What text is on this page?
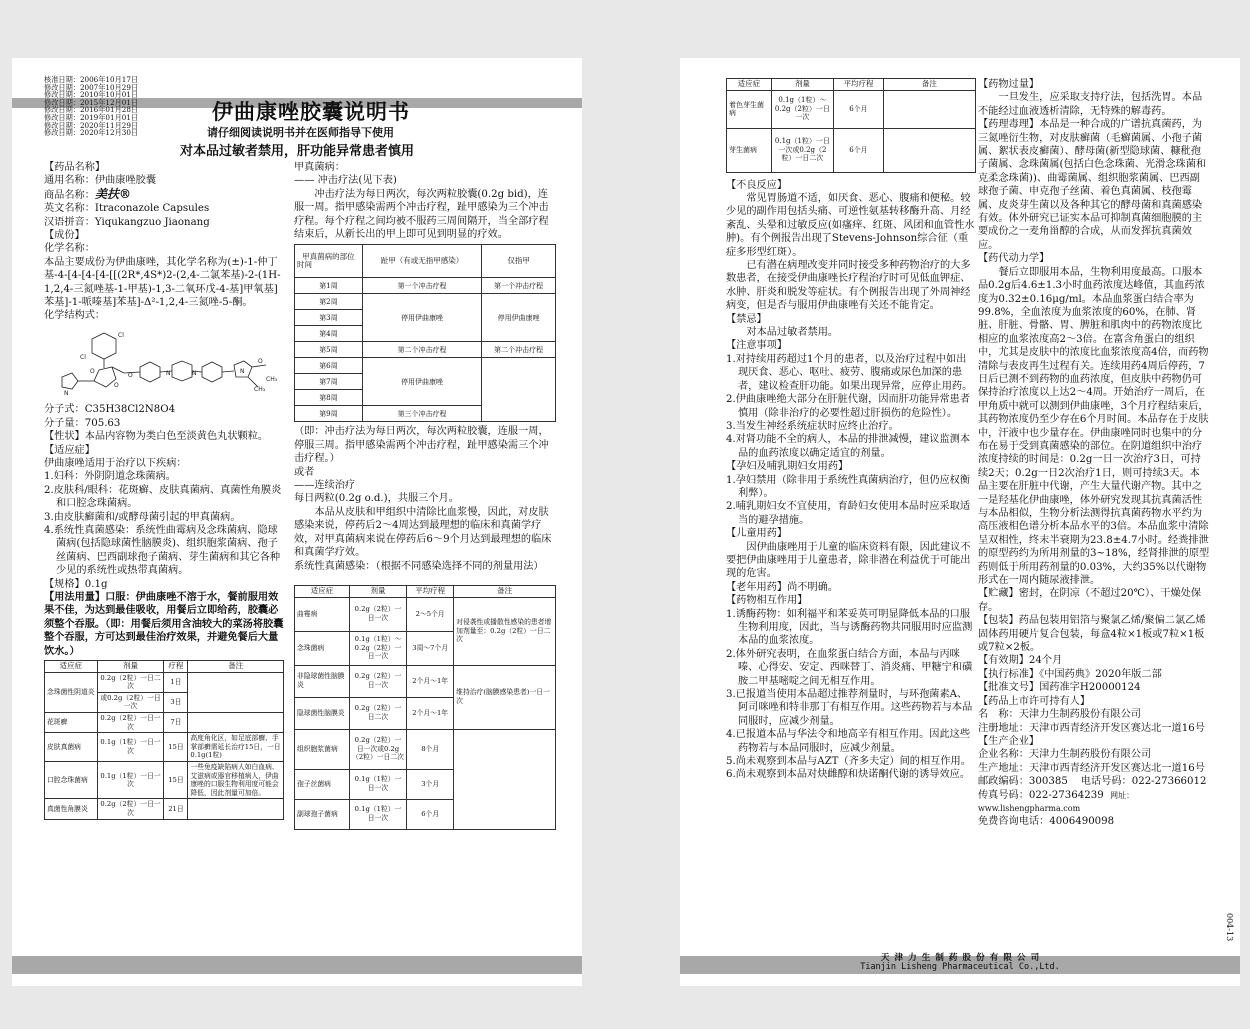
核准日期：2006年10月17日
修改日期：2007年10月29日
修改日期：2010年10月01日
修改日期：2015年12月01日
修改日期：2016年01月28日
修改日期：2019年01月01日
修改日期：2020年11月29日
修改日期：2020年12月30日
伊曲康唑胶囊说明书
请仔细阅读说明书并在医师指导下使用
对本品过敏者禁用，肝功能异常患者慎用

【药品名称】

通用名称：伊曲康唑胶囊

商品名称：美扶®

英文名称：Itraconazole Capsules

汉语拼音：Yiqukangzuo Jiaonang

【成份】

化学名称：

本品主要成份为伊曲康唑，其化学名称为(±)-1-仲丁基-4-[4-[4-[4-[[(2R*,4S*)2-(2,4-二氯苯基)-2-(1H-1,2,4-三氮唑基-1-甲基)-1,3-二氧环戊-4-基]甲氧基]苯基]-1-哌嗪基]苯基]-Δ²-1,2,4-三氮唑-5-酮。

化学结构式：

Cl
Cl
O
O
N
O	N	N	N
O
CH₃
CH₃

分子式：C35H38Cl2N8O4

分子量：705.63

【性状】本品内容物为类白色至淡黄色丸状颗粒。

【适应症】

伊曲康唑适用于治疗以下疾病：

1.妇科：外阴阴道念珠菌病。

2.皮肤科/眼科：花斑癣、皮肤真菌病、真菌性角膜炎和口腔念珠菌病。

3.由皮肤癣菌和/或酵母菌引起的甲真菌病。

4.系统性真菌感染：系统性曲霉病及念珠菌病、隐球菌病(包括隐球菌性脑膜炎)、组织胞浆菌病、孢子丝菌病、巴西副球孢子菌病、芽生菌病和其它各种少见的系统性或热带真菌病。

【规格】0.1g

【用法用量】口服：伊曲康唑不溶于水，餐前服用效果不佳，为达到最佳吸收，用餐后立即给药，胶囊必须整个吞服。（即：用餐后须用含油较大的菜汤将胶囊整个吞服，方可达到最佳治疗效果，并避免餐后大量饮水。）

适应症	剂量	疗程	备注
念珠菌性阴道炎	0.2g（2粒）一日二次	1日	
	或0.2g（2粒）一日一次	3日	
花斑癣	0.2g（2粒）一日一次	7日	
皮肤真菌病	0.1g（1粒）一日一次	15日	高度角化区，如足底部癣、手掌部癣需延长治疗15日，一日0.1g(1粒)
口腔念珠菌病	0.1g（1粒）一日一次	15日	一些免疫缺陷病人如白血病、艾滋病或器官移植病人，伊曲康唑的口服生物利用度可能会降低，因此剂量可加倍。
真菌性角膜炎	0.2g（2粒）一日一次	21日	

甲真菌病：

—— 冲击疗法(见下表)

冲击疗法为每日两次，每次两粒胶囊(0.2g bid)，连服一周。指甲感染需两个冲击疗程，趾甲感染为三个冲击疗程。每个疗程之间均被不服药三周间隔开，当全部疗程结束后，从新长出的甲上即可见到明显的疗效。

甲真菌病的部位
时间	趾甲（有或无指甲感染）	仅指甲
第1周	第一个冲击疗程	第一个冲击疗程
第2周	停用伊曲康唑	停用伊曲康唑
第3周		
第4周		
第5周	第二个冲击疗程	第二个冲击疗程
第6周	停用伊曲康唑	
第7周		
第8周		
第9周	第三个冲击疗程	

（即：冲击疗法为每日两次，每次两粒胶囊，连服一周，停服三周。指甲感染需两个冲击疗程，趾甲感染需三个冲击疗程。）

或者

——连续治疗

每日两粒(0.2g o.d.)，共服三个月。

本品从皮肤和甲组织中清除比血浆慢，因此，对皮肤感染来说，停药后2～4周达到最理想的临床和真菌学疗效，对甲真菌病来说在停药后6～9个月达到最理想的临床和真菌学疗效。

系统性真菌感染：（根据不同感染选择不同的剂量用法）

适应症	剂量	平均疗程	备注
曲霉病	0.2g（2粒）一日一次	2～5个月	对侵袭性或播散性感染的患者增加剂量至：0.2g（2粒）一日二次
念珠菌病	0.1g（1粒）～0.2g（2粒）一日一次	3周～7个月	
非隐球菌性脑膜炎	0.2g（2粒）一日一次	2个月～1年	维持治疗(脑膜感染患者)一日一次
隐球菌性脑膜炎	0.2g（2粒）一日二次	2个月～1年	
组织胞浆菌病	0.2g（2粒）一日一次或0.2g（2粒）一日二次	8个月	
孢子丝菌病	0.1g（1粒）一日一次	3个月	
副球孢子菌病	0.1g（1粒）一日一次	6个月	
适应症	剂量	平均疗程	备注
着色芽生菌病	0.1g（1粒）～0.2g（2粒）一日一次	6个月	
芽生菌病	0.1g（1粒）一日一次或0.2g（2粒）一日二次	6个月	

【不良反应】

常见胃肠道不适，如厌食、恶心、腹痛和便秘。较少见的副作用包括头痛、可逆性氨基转移酶升高、月经紊乱、头晕和过敏反应(如瘙痒、红斑、风团和血管性水肿)。有个例报告出现了Stevens-Johnson综合征（重症多形型红斑）。

已有潜在病理改变并同时接受多种药物治疗的大多数患者，在接受伊曲康唑长疗程治疗时可见低血钾症、水肿、肝炎和脱发等症状。有个例报告出现了外周神经病变，但是否与服用伊曲康唑有关还不能肯定。

【禁忌】

对本品过敏者禁用。

【注意事项】

1.对持续用药超过1个月的患者，以及治疗过程中如出现厌食、恶心、呕吐、疲劳、腹痛或尿色加深的患者，建议检查肝功能。如果出现异常，应停止用药。

2.伊曲康唑绝大部分在肝脏代谢，因而肝功能异常患者慎用（除非治疗的必要性超过肝损伤的危险性）。

3.当发生神经系统症状时应终止治疗。

4.对肾功能不全的病人，本品的排泄减慢，建议监测本品的血药浓度以确定适宜的剂量。

【孕妇及哺乳期妇女用药】

1.孕妇禁用（除非用于系统性真菌病治疗，但仍应权衡利弊）。

2.哺乳期妇女不宜使用，育龄妇女使用本品时应采取适当的避孕措施。

【儿童用药】

因伊曲康唑用于儿童的临床资料有限，因此建议不要把伊曲康唑用于儿童患者，除非潜在利益优于可能出现的危害。

【老年用药】尚不明确。

【药物相互作用】

1.诱酶药物：如利福平和苯妥英可明显降低本品的口服生物利用度，因此，当与诱酶药物共同服用时应监测本品的血浆浓度。

2.体外研究表明，在血浆蛋白结合方面，本品与丙咪嗪、心得安、安定、西咪替丁、消炎痛、甲糖宁和磺胺二甲基嘧啶之间无相互作用。

3.已报道当使用本品超过推荐剂量时，与环孢菌素A、阿司咪唑和特非那丁有相互作用。这些药物若与本品同服时，应减少剂量。

4.已报道本品与华法令和地高辛有相互作用。因此这些药物若与本品同服时，应减少剂量。

5.尚未观察到本品与AZT（齐多夫定）间的相互作用。

6.尚未观察到本品对炔雌醇和炔诺酮代谢的诱导效应。

【药物过量】

一旦发生，应采取支持疗法，包括洗胃。本品不能经过血液透析清除，无特殊的解毒药。

【药理毒理】本品是一种合成的广谱抗真菌药，为三氮唑衍生物，对皮肤癣菌（毛癣菌属、小孢子菌属、絮状表皮癣菌）、酵母菌(新型隐球菌、糠秕孢子菌属、念珠菌属(包括白色念珠菌、光滑念珠菌和克柔念珠菌))、曲霉菌属、组织胞浆菌属、巴西副球孢子菌、申克孢子丝菌、着色真菌属、枝孢霉属、皮炎芽生菌以及各种其它的酵母菌和真菌感染有效。体外研究已证实本品可抑制真菌细胞膜的主要成份之一麦角甾醇的合成，从而发挥抗真菌效应。

【药代动力学】

餐后立即服用本品，生物利用度最高。口服本品0.2g后4.6±1.3小时血药浓度达峰值，其血药浓度为0.32±0.16μg/ml。本品血浆蛋白结合率为99.8%，全血浓度为血浆浓度的60%，在肺、肾脏、肝脏、骨骼、胃、脾脏和肌肉中的药物浓度比相应的血浆浓度高2～3倍。在富含角蛋白的组织中，尤其是皮肤中的浓度比血浆浓度高4倍，而药物清除与表皮再生过程有关。连续用药4周后停药，7日后已测不到药物的血药浓度，但皮肤中药物仍可保持治疗浓度以上达2～4周。开始治疗一周后，在甲角质中就可以测到伊曲康唑，3个月疗程结束后，其药物浓度仍至少存在6个月时间。本品存在于皮肤中，汗液中也少量存在。伊曲康唑同时也集中的分布在易于受到真菌感染的部位。在阴道组织中治疗浓度持续的时间是：0.2g一日一次治疗3日，可持续2天；0.2g一日2次治疗1日，则可持续3天。本品主要在肝脏中代谢，产生大量代谢产物。其中之一是羟基化伊曲康唑，体外研究发现其抗真菌活性与本品相似，生物分析法测得抗真菌药物水平约为高压液相色谱分析本品水平的3倍。本品血浆中清除呈双相性，终末半衰期为23.8±4.7小时。经粪排泄的原型药约为所用剂量的3~18%，经肾排泄的原型药则低于所用药剂量的0.03%，大约35%以代谢物形式在一周内随尿液排泄。

【贮藏】密封，在阴凉（不超过20℃）、干燥处保存。

【包装】药品包装用铝箔与聚氯乙烯/聚偏二氯乙烯固体药用硬片复合包装，每盒4粒×1板或7粒×1板或7粒×2板。

【有效期】24个月

【执行标准】《中国药典》2020年版二部

【批准文号】国药准字H20000124

【药品上市许可持有人】

名　称：天津力生制药股份有限公司

注册地址：天津市西青经济开发区赛达北一道16号

【生产企业】

企业名称：天津力生制药股份有限公司

生产地址：天津市西青经济开发区赛达北一道16号

邮政编码：300385 电话号码：022-27366012

传真号码：022-27364239 网址：www.lishengpharma.com

免费咨询电话：4006490098

004-13
天 津 力 生 制 药 股 份 有 限 公 司
Tianjin Lisheng Pharmaceutical Co.,Ltd.
